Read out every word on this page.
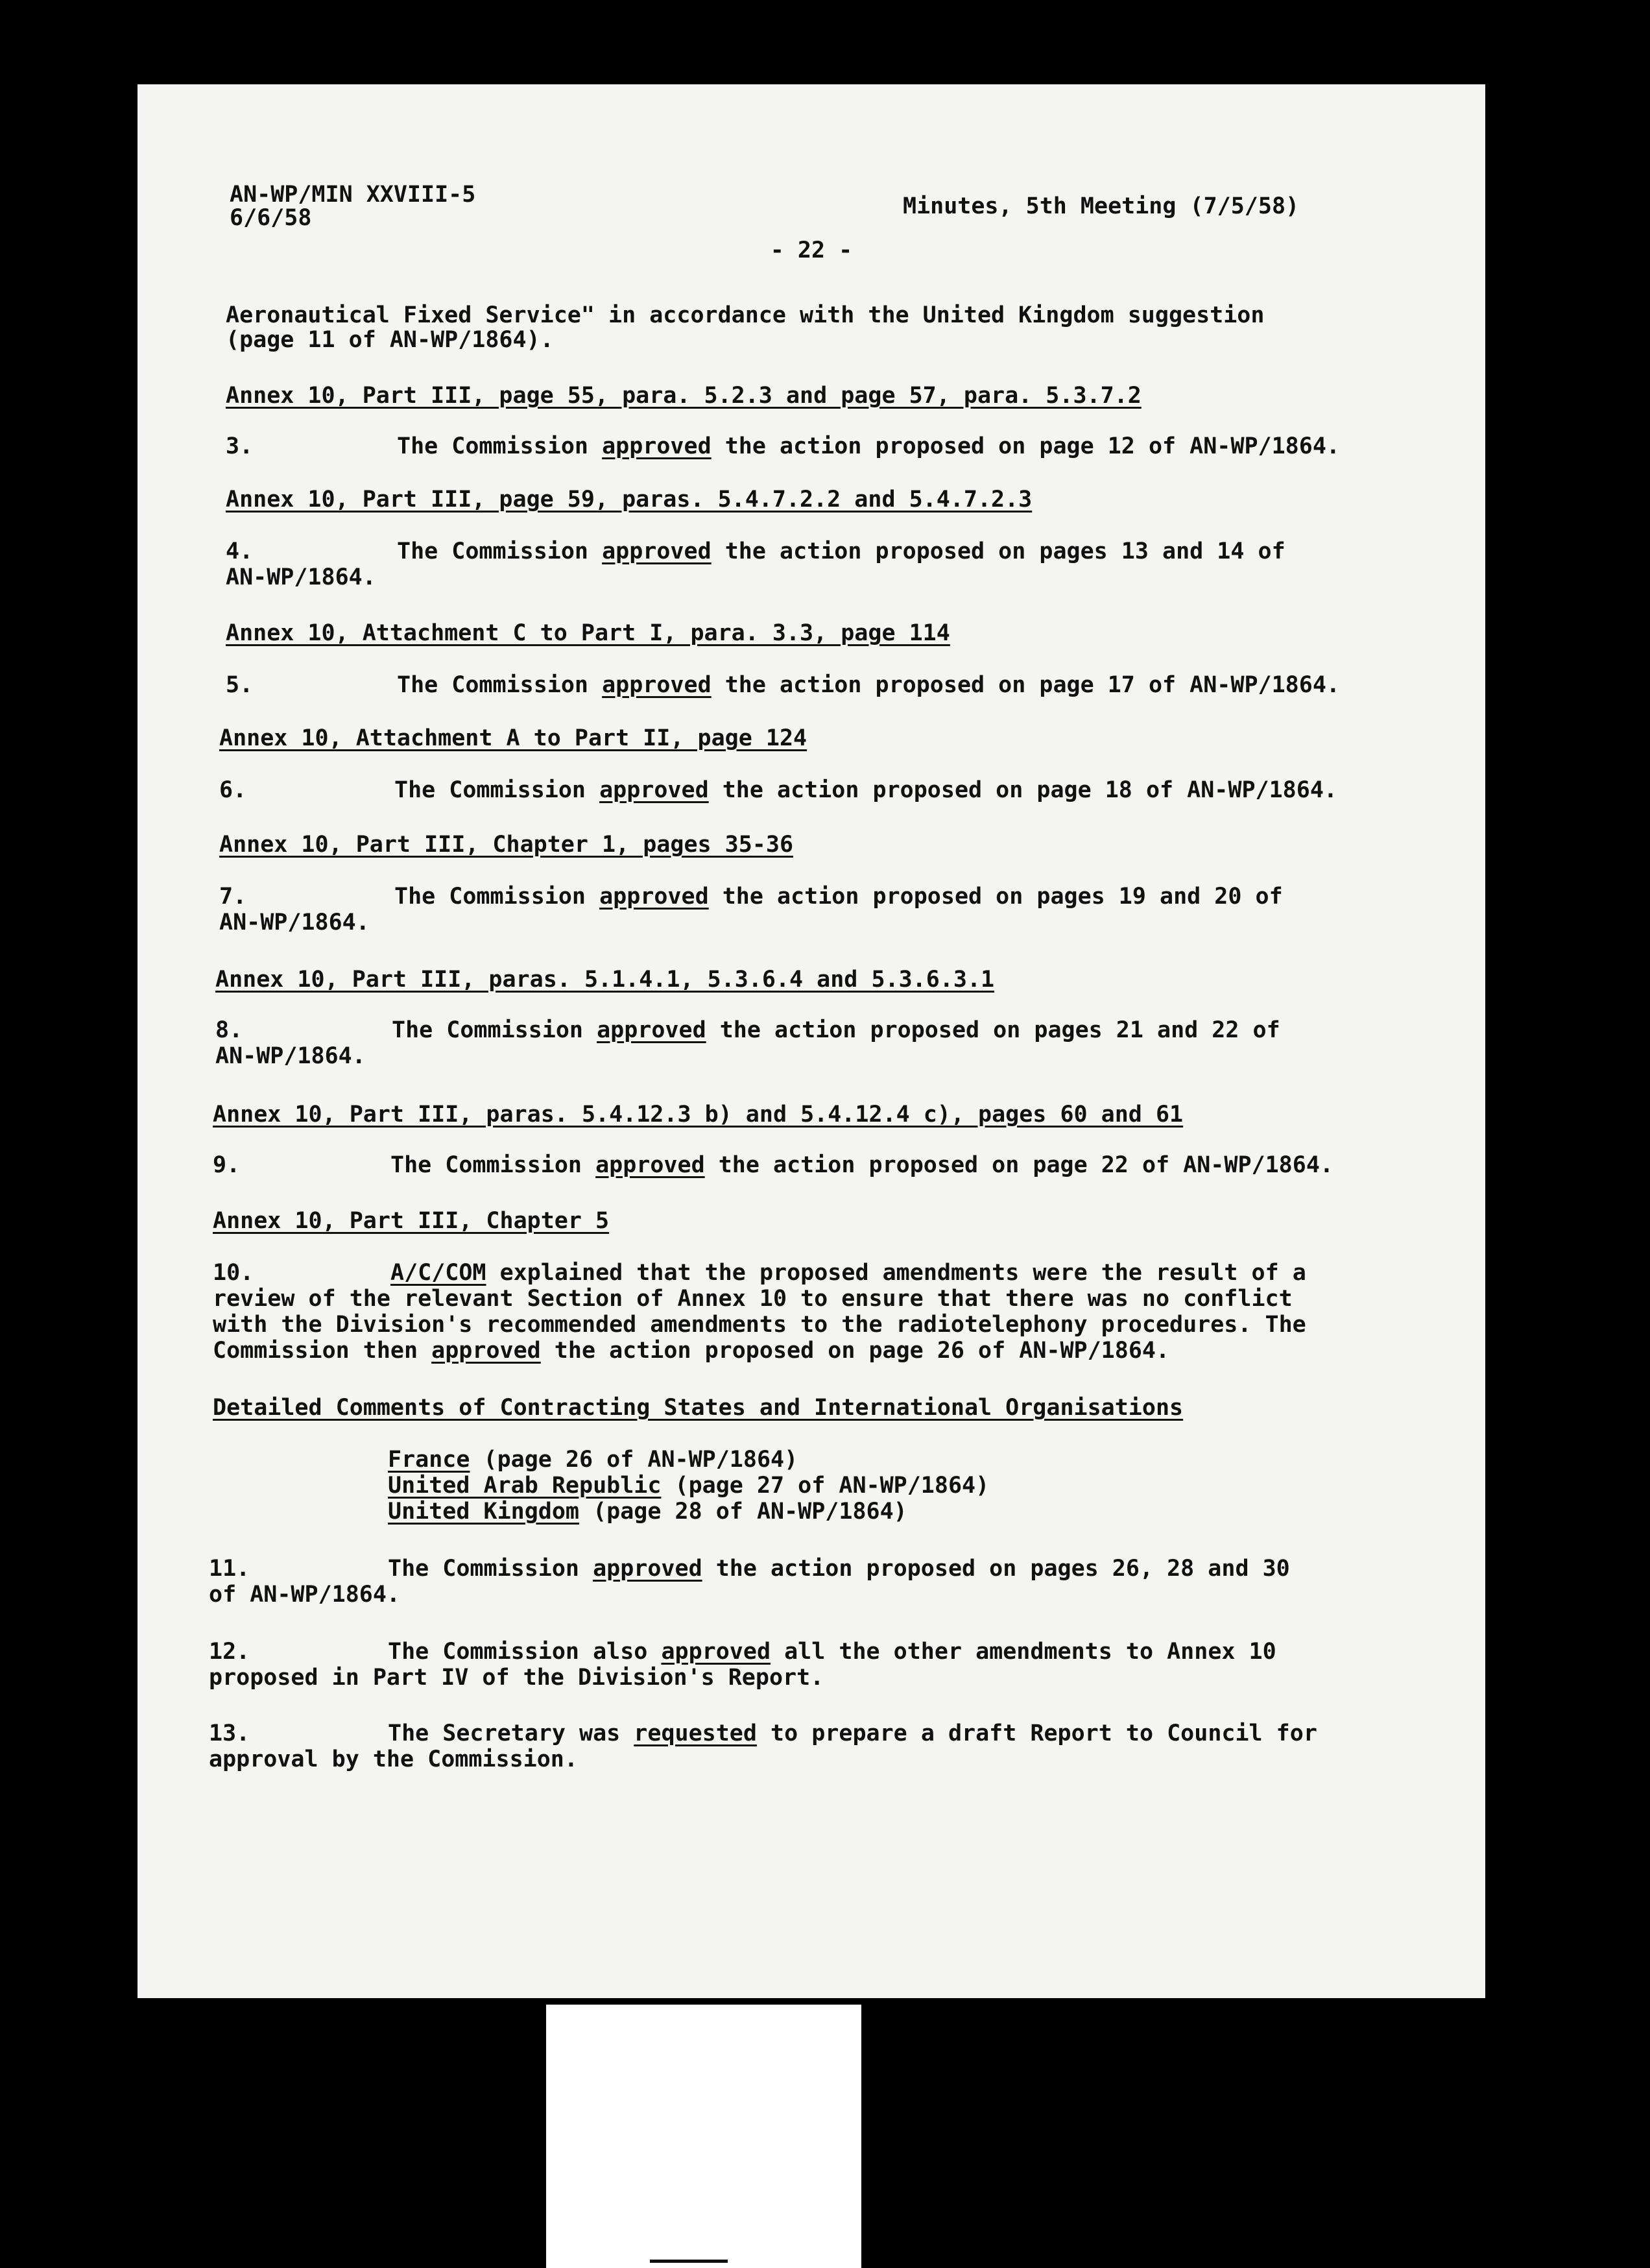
AN-WP/MIN XXVIII-5

6/6/58	Minutes, 5th Meeting (7/5/58)

- 22 -

Aeronautical Fixed Service" in accordance with the United Kingdom suggestion

(page 11 of AN-WP/1864).

Annex 10, Part III, page 55, para. 5.2.3 and page 57, para. 5.3.7.2

3.	The Commission approved the action proposed on page 12 of AN-WP/1864.

Annex 10, Part III, page 59, paras. 5.4.7.2.2 and 5.4.7.2.3

4.	The Commission approved the action proposed on pages 13 and 14 of

AN-WP/1864.

Annex 10, Attachment C to Part I, para. 3.3, page 114

5.	The Commission approved the action proposed on page 17 of AN-WP/1864.

Annex 10, Attachment A to Part II, page 124

6.	The Commission approved the action proposed on page 18 of AN-WP/1864.

Annex 10, Part III, Chapter 1, pages 35-36

7.	The Commission approved the action proposed on pages 19 and 20 of

AN-WP/1864.

Annex 10, Part III, paras. 5.1.4.1, 5.3.6.4 and 5.3.6.3.1

8.	The Commission approved the action proposed on pages 21 and 22 of

AN-WP/1864.

Annex 10, Part III, paras. 5.4.12.3 b) and 5.4.12.4 c), pages 60 and 61

9.	The Commission approved the action proposed on page 22 of AN-WP/1864.

Annex 10, Part III, Chapter 5

10.	A/C/COM explained that the proposed amendments were the result of a

review of the relevant Section of Annex 10 to ensure that there was no conflict

with the Division's recommended amendments to the radiotelephony procedures. The

Commission then approved the action proposed on page 26 of AN-WP/1864.

Detailed Comments of Contracting States and International Organisations

France (page 26 of AN-WP/1864)

United Arab Republic (page 27 of AN-WP/1864)

United Kingdom (page 28 of AN-WP/1864)

11.	The Commission approved the action proposed on pages 26, 28 and 30

of AN-WP/1864.

12.	The Commission also approved all the other amendments to Annex 10

proposed in Part IV of the Division's Report.

13.	The Secretary was requested to prepare a draft Report to Council for

approval by the Commission.
